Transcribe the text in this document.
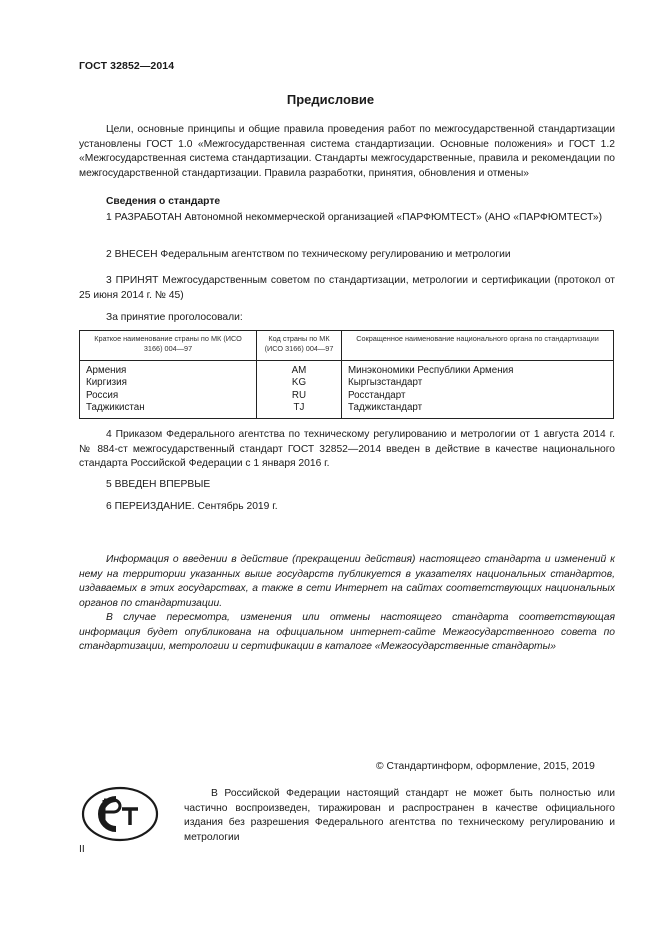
ГОСТ 32852—2014
Предисловие
Цели, основные принципы и общие правила проведения работ по межгосударственной стандартизации установлены ГОСТ 1.0 «Межгосударственная система стандартизации. Основные положения» и ГОСТ 1.2 «Межгосударственная система стандартизации. Стандарты межгосударственные, правила и рекомендации по межгосударственной стандартизации. Правила разработки, принятия, обновления и отмены»
Сведения о стандарте
1 РАЗРАБОТАН Автономной некоммерческой организацией «ПАРФЮМТЕСТ» (АНО «ПАРФЮМТЕСТ»)
2 ВНЕСЕН Федеральным агентством по техническому регулированию и метрологии
3 ПРИНЯТ Межгосударственным советом по стандартизации, метрологии и сертификации (протокол от 25 июня 2014 г. № 45)
За принятие проголосовали:
Краткое наименование страны по МК (ИСО 3166) 004—97	Код страны по МК (ИСО 3166) 004—97	Сокращенное наименование национального органа по стандартизации
Армения	AM	Минэкономики Республики Армения
Киргизия	KG	Кыргызстандарт
Россия	RU	Росстандарт
Таджикистан	TJ	Таджикстандарт
4 Приказом Федерального агентства по техническому регулированию и метрологии от 1 августа 2014 г. № 884-ст межгосударственный стандарт ГОСТ 32852—2014 введен в действие в качестве национального стандарта Российской Федерации с 1 января 2016 г.
5 ВВЕДЕН ВПЕРВЫЕ
6 ПЕРЕИЗДАНИЕ. Сентябрь 2019 г.
Информация о введении в действие (прекращении действия) настоящего стандарта и изменений к нему на территории указанных выше государств публикуется в указателях национальных стандартов, издаваемых в этих государствах, а также в сети Интернет на сайтах соответствующих национальных органов по стандартизации.
В случае пересмотра, изменения или отмены настоящего стандарта соответствующая информация будет опубликована на официальном интернет-сайте Межгосударственного совета по стандартизации, метрологии и сертификации в каталоге «Межгосударственные стандарты»
© Стандартинформ, оформление, 2015, 2019
В Российской Федерации настоящий стандарт не может быть полностью или частично воспроизведен, тиражирован и распространен в качестве официального издания без разрешения Федерального агентства по техническому регулированию и метрологии
II
